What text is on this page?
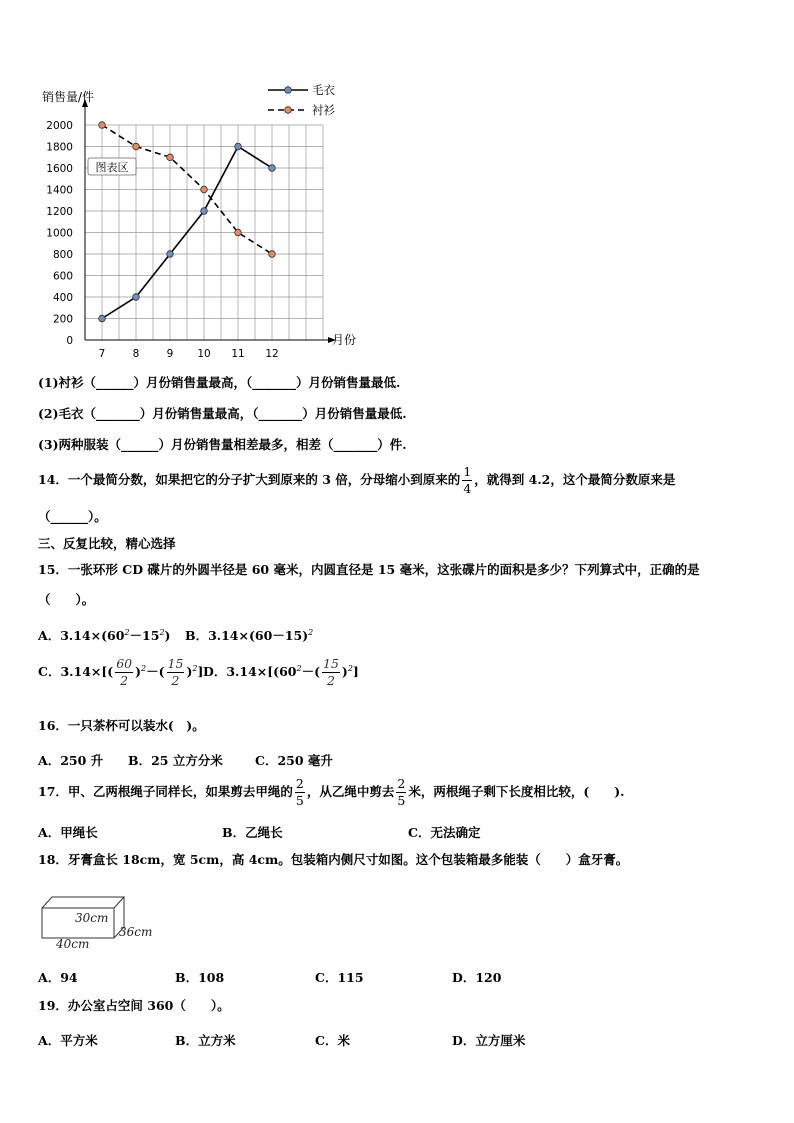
0
200
400
600
800
1000
1200
1400
1600
1800
2000
销售量/件
月份
7	8	9 10 11 12
图表区
毛衣
衬衫
(1)衬衫（______）月份销售量最高，（_______）月份销售量最低.
(2)毛衣（_______）月份销售量最高，（_______）月份销售量最低.
(3)两种服装（______）月份销售量相差最多，相差（_______）件.
14．一个最简分数，如果把它的分子扩大到原来的 3 倍，分母缩小到原来的 $\frac{1}{4}$ ，就得到 4.2，这个最简分数原来是
（______）。
三、反复比较，精心选择
15．一张环形 CD 碟片的外圆半径是 60 毫米，内圆直径是 15 毫米，这张碟片的面积是多少？下列算式中，正确的是
（　　）。
A．$3.14\times(60^2-15^2)$ B．$3.14\times(60-15)^2$
C．$3.14\times[( \frac{60}{2} )^2-( \frac{15}{2} )^2]$ D．$3.14\times[(60^2-( \frac{15}{2} )^2]$
16．一只茶杯可以装水(　)。
A．250 升 B．25 立方分米	C．250 毫升
17．甲、乙两根绳子同样长，如果剪去甲绳的 $\frac{2}{5}$ ，从乙绳中剪去 $\frac{2}{5}$ 米，两根绳子剩下长度相比较，(　　).
A．甲绳长	B．乙绳长	C．无法确定
18．牙膏盒长 18cm，宽 5cm，高 4cm。包装箱内侧尺寸如图。这个包装箱最多能装（　　）盒牙膏。
30cm
36cm
40cm
A．94	B．108	C．115	D．120
19．办公室占空间 360（　　）。
A．平方米	B．立方米	C．米	D．立方厘米
